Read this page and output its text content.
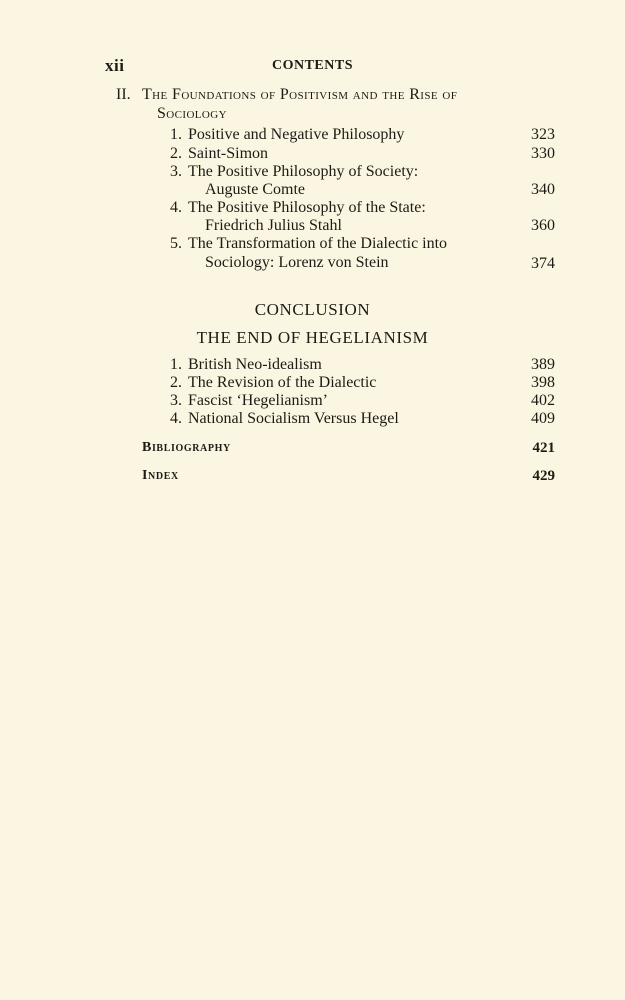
xii	CONTENTS
II. The Foundations of Positivism and the Rise of
Sociology
1. Positive and Negative Philosophy	323
2. Saint-Simon	330
3. The Positive Philosophy of Society:
Auguste Comte	340
4. The Positive Philosophy of the State:
Friedrich Julius Stahl	360
5. The Transformation of the Dialectic into
Sociology: Lorenz von Stein	374
CONCLUSION
THE END OF HEGELIANISM
1. British Neo-idealism	389
2. The Revision of the Dialectic	398
3. Fascist ‘Hegelianism’	402
4. National Socialism Versus Hegel	409
Bibliography	421
Index	429
